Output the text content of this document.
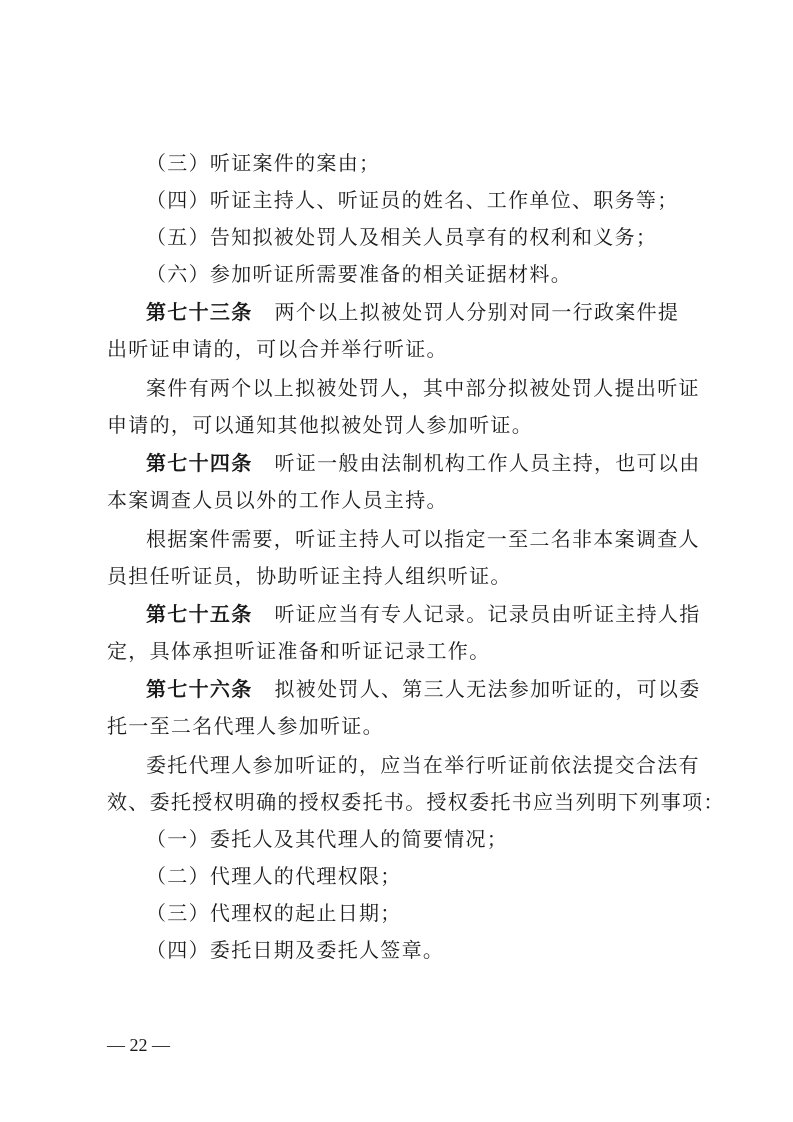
（三）听证案件的案由；
（四）听证主持人、听证员的姓名、工作单位、职务等；
（五）告知拟被处罚人及相关人员享有的权利和义务；
（六）参加听证所需要准备的相关证据材料。
第七十三条 两个以上拟被处罚人分别对同一行政案件提
出听证申请的，可以合并举行听证。
案件有两个以上拟被处罚人，其中部分拟被处罚人提出听证
申请的，可以通知其他拟被处罚人参加听证。
第七十四条 听证一般由法制机构工作人员主持，也可以由
本案调查人员以外的工作人员主持。
根据案件需要，听证主持人可以指定一至二名非本案调查人
员担任听证员，协助听证主持人组织听证。
第七十五条 听证应当有专人记录。记录员由听证主持人指
定，具体承担听证准备和听证记录工作。
第七十六条 拟被处罚人、第三人无法参加听证的，可以委
托一至二名代理人参加听证。
委托代理人参加听证的，应当在举行听证前依法提交合法有
效、委托授权明确的授权委托书。授权委托书应当列明下列事项：
（一）委托人及其代理人的简要情况；
（二）代理人的代理权限；
（三）代理权的起止日期；
（四）委托日期及委托人签章。
— 22 —
